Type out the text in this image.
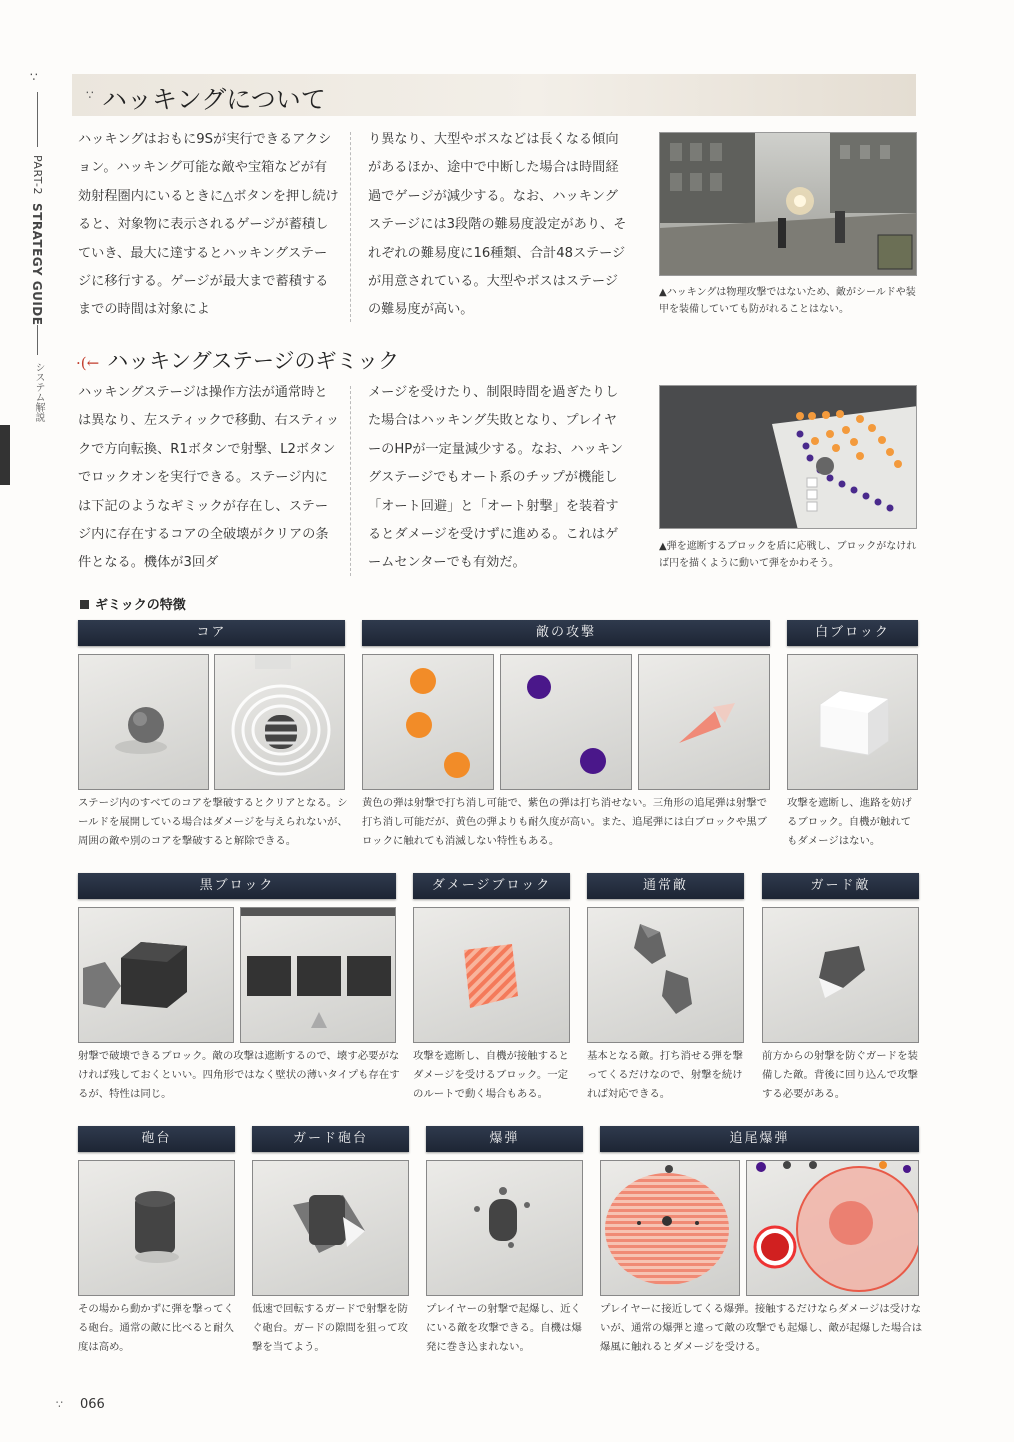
∵
PART-2  STRATEGY GUIDE
システム解説
∵ ハッキングについて
ハッキングはおもに9Sが実行できるアクション。ハッキング可能な敵や宝箱などが有効射程圏内にいるときに△ボタンを押し続けると、対象物に表示されるゲージが蓄積していき、最大に達するとハッキングステージに移行する。ゲージが最大まで蓄積するまでの時間は対象によ
り異なり、大型やボスなどは長くなる傾向があるほか、途中で中断した場合は時間経過でゲージが減少する。なお、ハッキングステージには3段階の難易度設定があり、それぞれの難易度に16種類、合計48ステージが用意されている。大型やボスはステージの難易度が高い。
▲ハッキングは物理攻撃ではないため、敵がシールドや装甲を装備していても防がれることはない。
·(← ハッキングステージのギミック
ハッキングステージは操作方法が通常時とは異なり、左スティックで移動、右スティックで方向転換、R1ボタンで射撃、L2ボタンでロックオンを実行できる。ステージ内には下記のようなギミックが存在し、ステージ内に存在するコアの全破壊がクリアの条件となる。機体が3回ダ
メージを受けたり、制限時間を過ぎたりした場合はハッキング失敗となり、プレイヤーのHPが一定量減少する。なお、ハッキングステージでもオート系のチップが機能し「オート回避」と「オート射撃」を装着するとダメージを受けずに進める。これはゲームセンターでも有効だ。
▲弾を遮断するブロックを盾に応戦し、ブロックがなければ円を描くように動いて弾をかわそう。
ギミックの特徴
コア
ステージ内のすべてのコアを撃破するとクリアとなる。シールドを展開している場合はダメージを与えられないが、周囲の敵や別のコアを撃破すると解除できる。
敵の攻撃
黄色の弾は射撃で打ち消し可能で、紫色の弾は打ち消せない。三角形の追尾弾は射撃で打ち消し可能だが、黄色の弾よりも耐久度が高い。また、追尾弾には白ブロックや黒ブロックに触れても消滅しない特性もある。
白ブロック
攻撃を遮断し、進路を妨げるブロック。自機が触れてもダメージはない。
黒ブロック
射撃で破壊できるブロック。敵の攻撃は遮断するので、壊す必要がなければ残しておくといい。四角形ではなく壁状の薄いタイプも存在するが、特性は同じ。
ダメージブロック
攻撃を遮断し、自機が接触するとダメージを受けるブロック。一定のルートで動く場合もある。
通常敵
基本となる敵。打ち消せる弾を撃ってくるだけなので、射撃を続ければ対応できる。
ガード敵
前方からの射撃を防ぐガードを装備した敵。背後に回り込んで攻撃する必要がある。
砲台
その場から動かずに弾を撃ってくる砲台。通常の敵に比べると耐久度は高め。
ガード砲台
低速で回転するガードで射撃を防ぐ砲台。ガードの隙間を狙って攻撃を当てよう。
爆弾
プレイヤーの射撃で起爆し、近くにいる敵を攻撃できる。自機は爆発に巻き込まれない。
追尾爆弾
プレイヤーに接近してくる爆弾。接触するだけならダメージは受けないが、通常の爆弾と違って敵の攻撃でも起爆し、敵が起爆した場合は爆風に触れるとダメージを受ける。
∵ 066
